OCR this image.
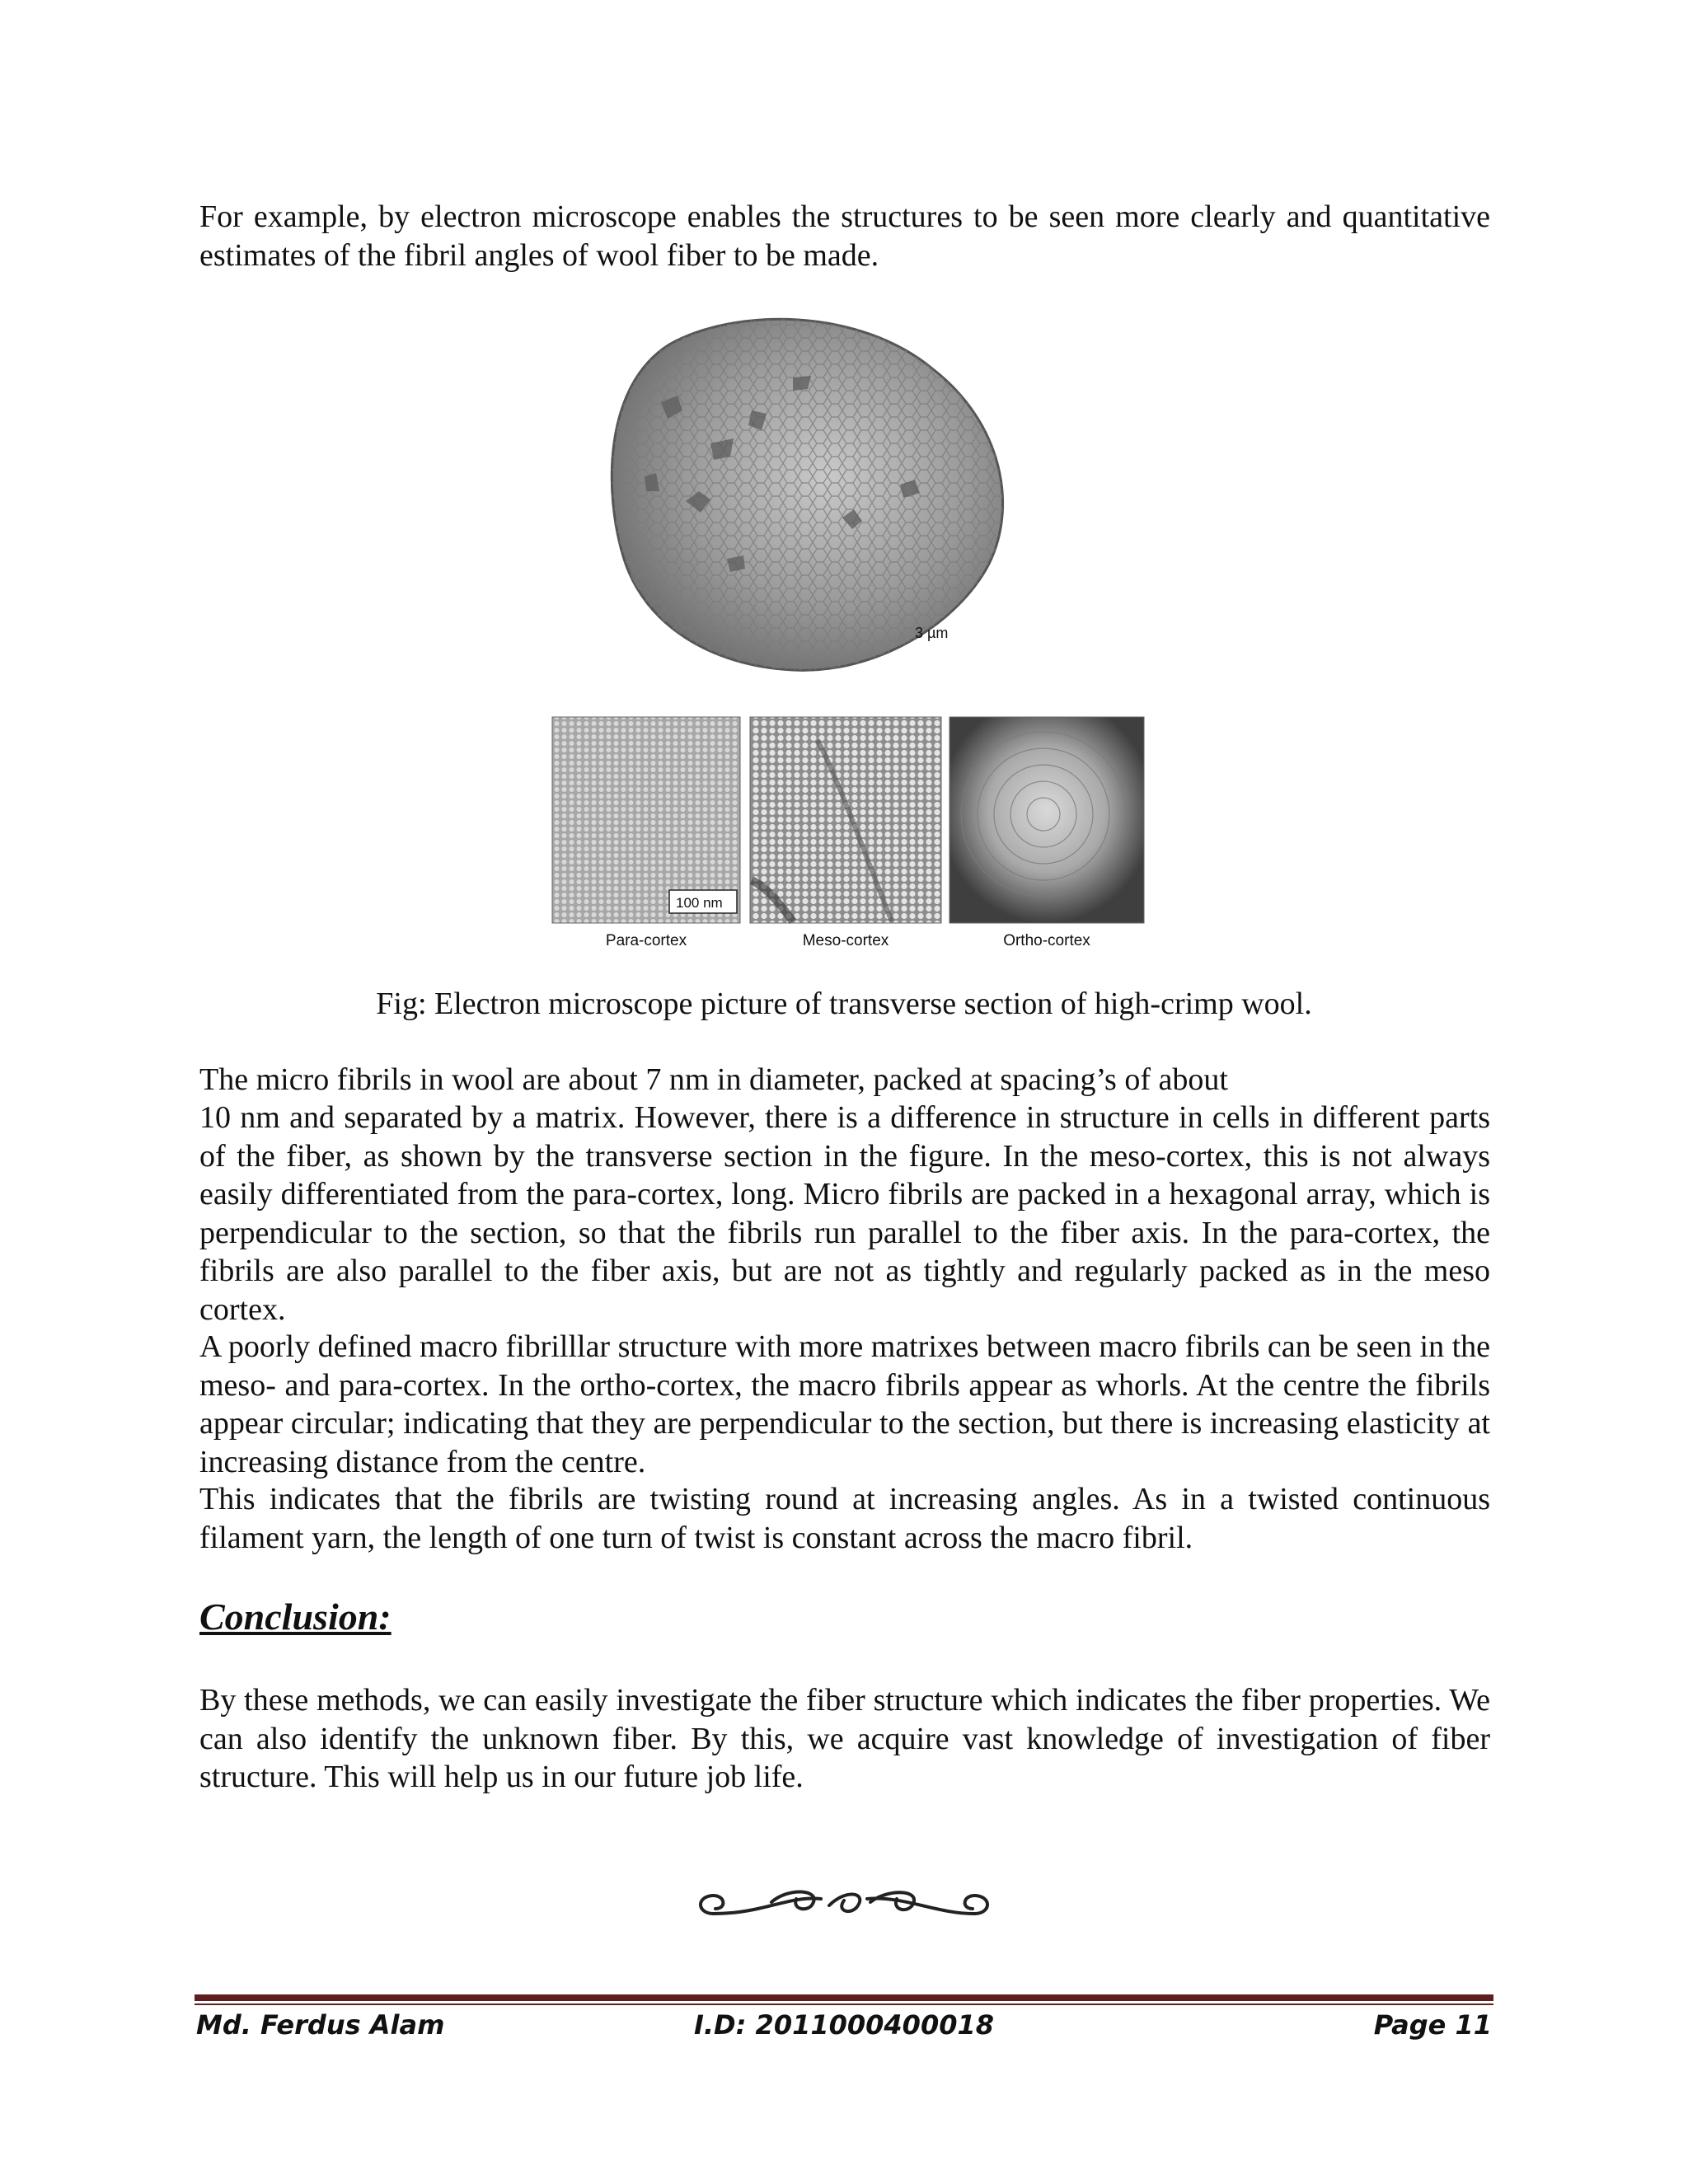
For example, by electron microscope enables the structures to be seen more clearly and quantitative estimates of the fibril angles of wool fiber to be made.

3 µm
100 nm
Para-cortex	Meso-cortex	Ortho-cortex
Fig: Electron microscope picture of transverse section of high-crimp wool.
The micro fibrils in wool are about 7 nm in diameter, packed at spacing’s of about

10 nm and separated by a matrix. However, there is a difference in structure in cells in different parts of the fiber, as shown by the transverse section in the figure. In the meso-cortex, this is not always easily differentiated from the para-cortex, long. Micro fibrils are packed in a hexagonal array, which is perpendicular to the section, so that the fibrils run parallel to the fiber axis. In the para-cortex, the fibrils are also parallel to the fiber axis, but are not as tightly and regularly packed as in the meso cortex.

A poorly defined macro fibrilllar structure with more matrixes between macro fibrils can be seen in the meso- and para-cortex. In the ortho-cortex, the macro fibrils appear as whorls. At the centre the fibrils appear circular; indicating that they are perpendicular to the section, but there is increasing elasticity at increasing distance from the centre.

This indicates that the fibrils are twisting round at increasing angles. As in a twisted continuous filament yarn, the length of one turn of twist is constant across the macro fibril.

Conclusion:

By these methods, we can easily investigate the fiber structure which indicates the fiber properties. We can also identify the unknown fiber. By this, we acquire vast knowledge of investigation of fiber structure. This will help us in our future job life.

Md. Ferdus Alam	I.D: 2011000400018	Page 11
